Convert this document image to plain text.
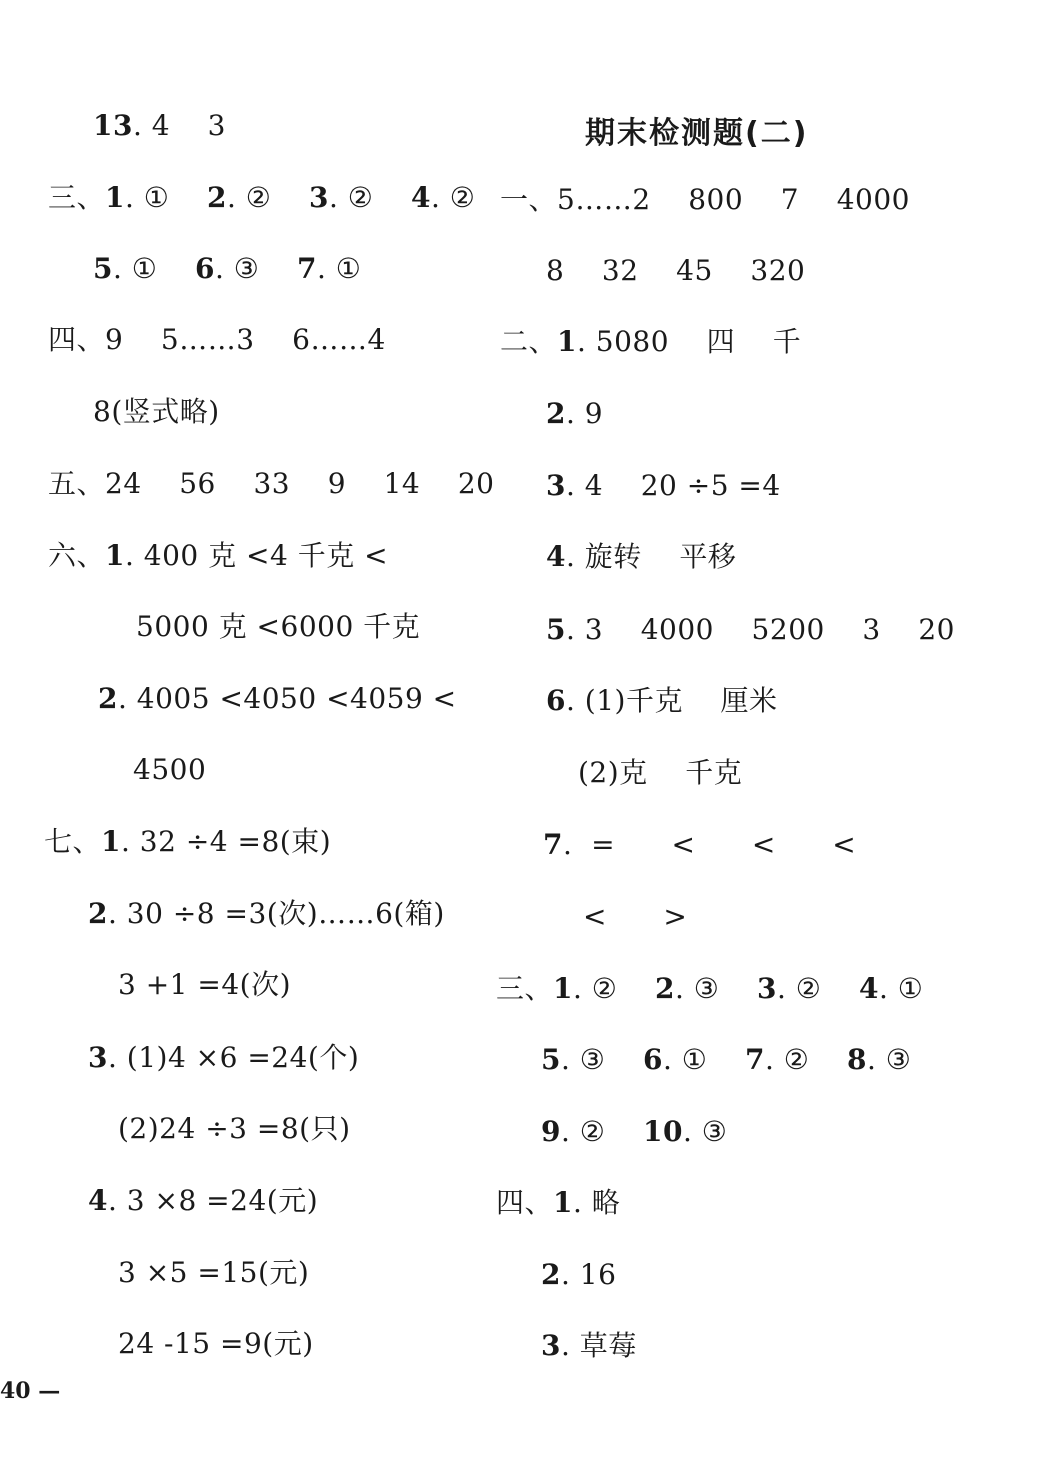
期末检测题(二)
13. 4    3
三、1. ①    2. ②    3. ②    4. ②
5. ①    6. ③    7. ①
四、9    5……3    6……4
8(竖式略)
五、24    56    33    9    14    20
六、1. 400 克 <4 千克 <
5000 克 <6000 千克
2. 4005 <4050 <4059 <
4500
七、1. 32 ÷4 =8(束)
2. 30 ÷8 =3(次)……6(箱)
3 +1 =4(次)
3. (1)4 ×6 =24(个)
(2)24 ÷3 =8(只)
4. 3 ×8 =24(元)
3 ×5 =15(元)
24 -15 =9(元)
一、5……2    800    7    4000
8    32    45    320
二、1. 5080    四    千
2. 9
3. 4    20 ÷5 =4
4. 旋转    平移
5. 3    4000    5200    3    20
6. (1)千克    厘米
(2)克    千克
7.  =      <      <      <
<      >
三、1. ②    2. ③    3. ②    4. ①
5. ③    6. ①    7. ②    8. ③
9. ②    10. ③
四、1. 略
2. 16
3. 草莓
40 —
